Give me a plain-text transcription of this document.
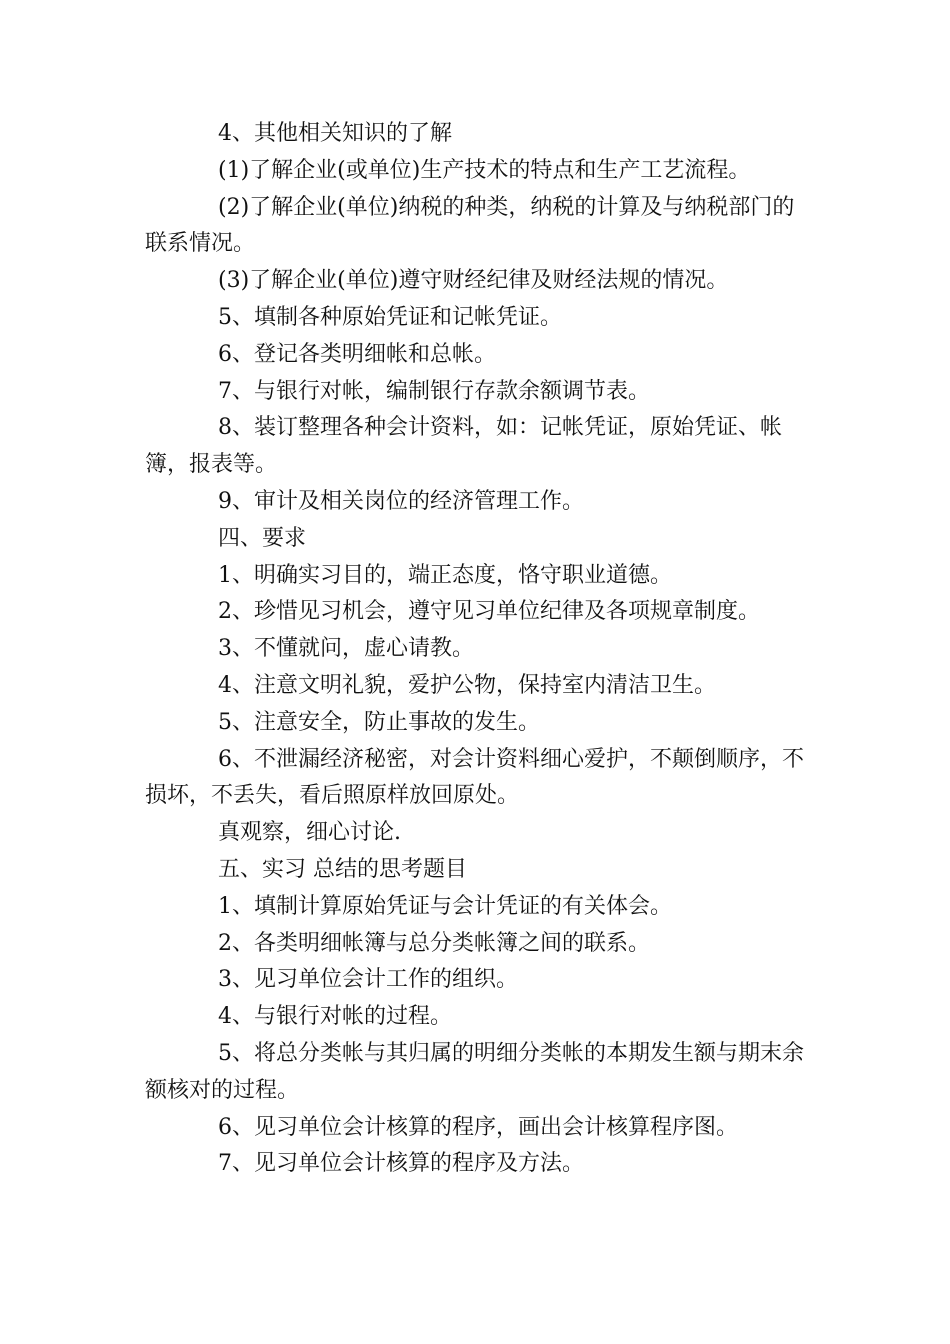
4、其他相关知识的了解

(1)了解企业(或单位)生产技术的特点和生产工艺流程。

(2)了解企业(单位)纳税的种类，纳税的计算及与纳税部门的联系情况。

(3)了解企业(单位)遵守财经纪律及财经法规的情况。

5、填制各种原始凭证和记帐凭证。

6、登记各类明细帐和总帐。

7、与银行对帐，编制银行存款余额调节表。

8、装订整理各种会计资料，如：记帐凭证，原始凭证、帐簿，报表等。

9、审计及相关岗位的经济管理工作。

四、要求

1、明确实习目的，端正态度，恪守职业道德。

2、珍惜见习机会，遵守见习单位纪律及各项规章制度。

3、不懂就问，虚心请教。

4、注意文明礼貌，爱护公物，保持室内清洁卫生。

5、注意安全，防止事故的发生。

6、不泄漏经济秘密，对会计资料细心爱护，不颠倒顺序，不损坏，不丢失，看后照原样放回原处。

真观察，细心讨论.

五、实习 总结的思考题目

1、填制计算原始凭证与会计凭证的有关体会。

2、各类明细帐簿与总分类帐簿之间的联系。

3、见习单位会计工作的组织。

4、与银行对帐的过程。

5、将总分类帐与其归属的明细分类帐的本期发生额与期末余额核对的过程。

6、见习单位会计核算的程序，画出会计核算程序图。

7、见习单位会计核算的程序及方法。
